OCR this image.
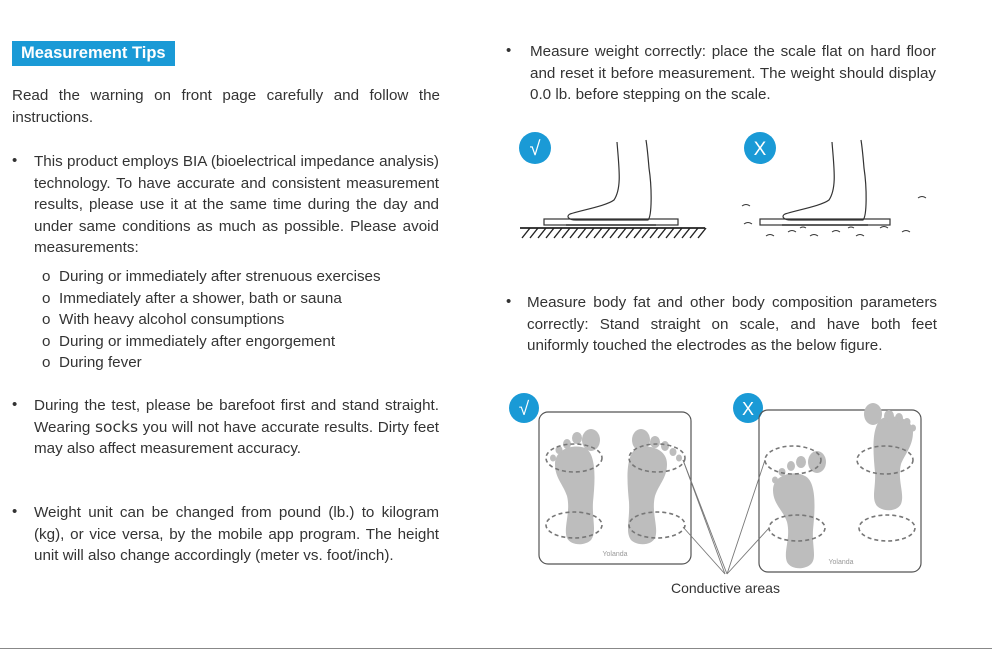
Measurement Tips
Read the warning on front page carefully and follow the instructions.
• This product employs BIA (bioelectrical impedance analysis) technology. To have accurate and consistent measurement results, please use it at the same time during the day and under same conditions as much as possible. Please avoid measurements:
o During or immediately after strenuous exercises
o Immediately after a shower, bath or sauna
o With heavy alcohol consumptions
o During or immediately after engorgement
o During fever
• During the test, please be barefoot first and stand straight. Wearing socks you will not have accurate results. Dirty feet may also affect measurement accuracy.
• Weight unit can be changed from pound (lb.) to kilogram (kg), or vice versa, by the mobile app program. The height unit will also change accordingly (meter vs. foot/inch).
• Measure weight correctly: place the scale flat on hard floor and reset it before measurement. The weight should display 0.0 lb. before stepping on the scale.
√	X
• Measure body fat and other body composition parameters correctly: Stand straight on scale, and have both feet uniformly touched the electrodes as the below figure.
√
Yolanda
X
Yolanda
Conductive areas
